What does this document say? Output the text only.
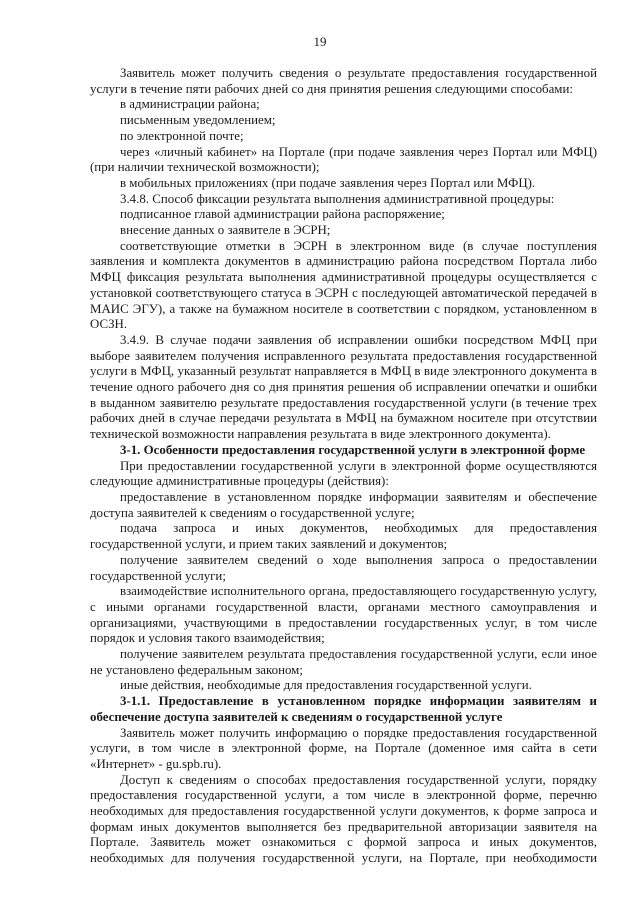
19

Заявитель может получить сведения о результате предоставления государственной услуги в течение пяти рабочих дней со дня принятия решения следующими способами:

в администрации района;

письменным уведомлением;

по электронной почте;

через «личный кабинет» на Портале (при подаче заявления через Портал или МФЦ) (при наличии технической возможности);

в мобильных приложениях (при подаче заявления через Портал или МФЦ).

3.4.8. Способ фиксации результата выполнения административной процедуры:

подписанное главой администрации района распоряжение;

внесение данных о заявителе в ЭСРН;

соответствующие отметки в ЭСРН в электронном виде (в случае поступления заявления и комплекта документов в администрацию района посредством Портала либо МФЦ фиксация результата выполнения административной процедуры осуществляется с установкой соответствующего статуса в ЭСРН с последующей автоматической передачей в МАИС ЭГУ), а также на бумажном носителе в соответствии с порядком, установленном в ОСЗН.

3.4.9. В случае подачи заявления об исправлении ошибки посредством МФЦ при выборе заявителем получения исправленного результата предоставления государственной услуги в МФЦ, указанный результат направляется в МФЦ в виде электронного документа в течение одного рабочего дня со дня принятия решения об исправлении опечатки и ошибки в выданном заявителю результате предоставления государственной услуги (в течение трех рабочих дней в случае передачи результата в МФЦ на бумажном носителе при отсутствии технической возможности направления результата в виде электронного документа).

3-1. Особенности предоставления государственной услуги в электронной форме

При предоставлении государственной услуги в электронной форме осуществляются следующие административные процедуры (действия):

предоставление в установленном порядке информации заявителям и обеспечение доступа заявителей к сведениям о государственной услуге;

подача запроса и иных документов, необходимых для предоставления государственной услуги, и прием таких заявлений и документов;

получение заявителем сведений о ходе выполнения запроса о предоставлении государственной услуги;

взаимодействие исполнительного органа, предоставляющего государственную услугу, с иными органами государственной власти, органами местного самоуправления и организациями, участвующими в предоставлении государственных услуг, в том числе порядок и условия такого взаимодействия;

получение заявителем результата предоставления государственной услуги, если иное не установлено федеральным законом;

иные действия, необходимые для предоставления государственной услуги.

3-1.1. Предоставление в установленном порядке информации заявителям и обеспечение доступа заявителей к сведениям о государственной услуге

Заявитель может получить информацию о порядке предоставления государственной услуги, в том числе в электронной форме, на Портале (доменное имя сайта в сети «Интернет» - gu.spb.ru).

Доступ к сведениям о способах предоставления государственной услуги, порядку предоставления государственной услуги, а том числе в электронной форме, перечню необходимых для предоставления государственной услуги документов, к форме запроса и формам иных документов выполняется без предварительной авторизации заявителя на Портале. Заявитель может ознакомиться с формой запроса и иных документов, необходимых для получения государственной услуги, на Портале, при необходимости
